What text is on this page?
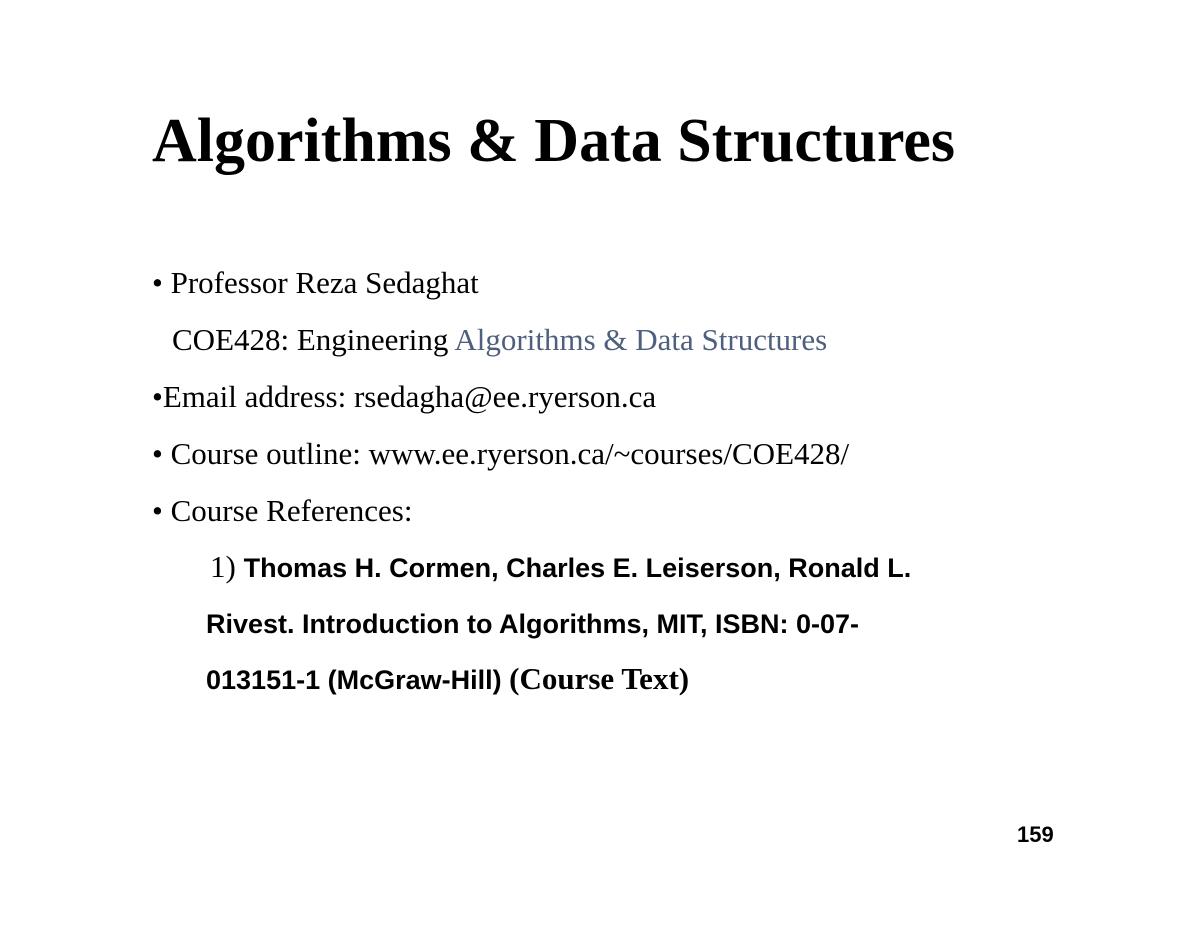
Algorithms & Data Structures
• Professor Reza Sedaghat
COE428: Engineering Algorithms & Data Structures
•Email address: rsedagha@ee.ryerson.ca
• Course outline: www.ee.ryerson.ca/~courses/COE428/
• Course References:
1) Thomas H. Cormen, Charles E. Leiserson, Ronald L.
Rivest. Introduction to Algorithms, MIT, ISBN: 0-07-
013151-1 (McGraw-Hill) (Course Text)
159
